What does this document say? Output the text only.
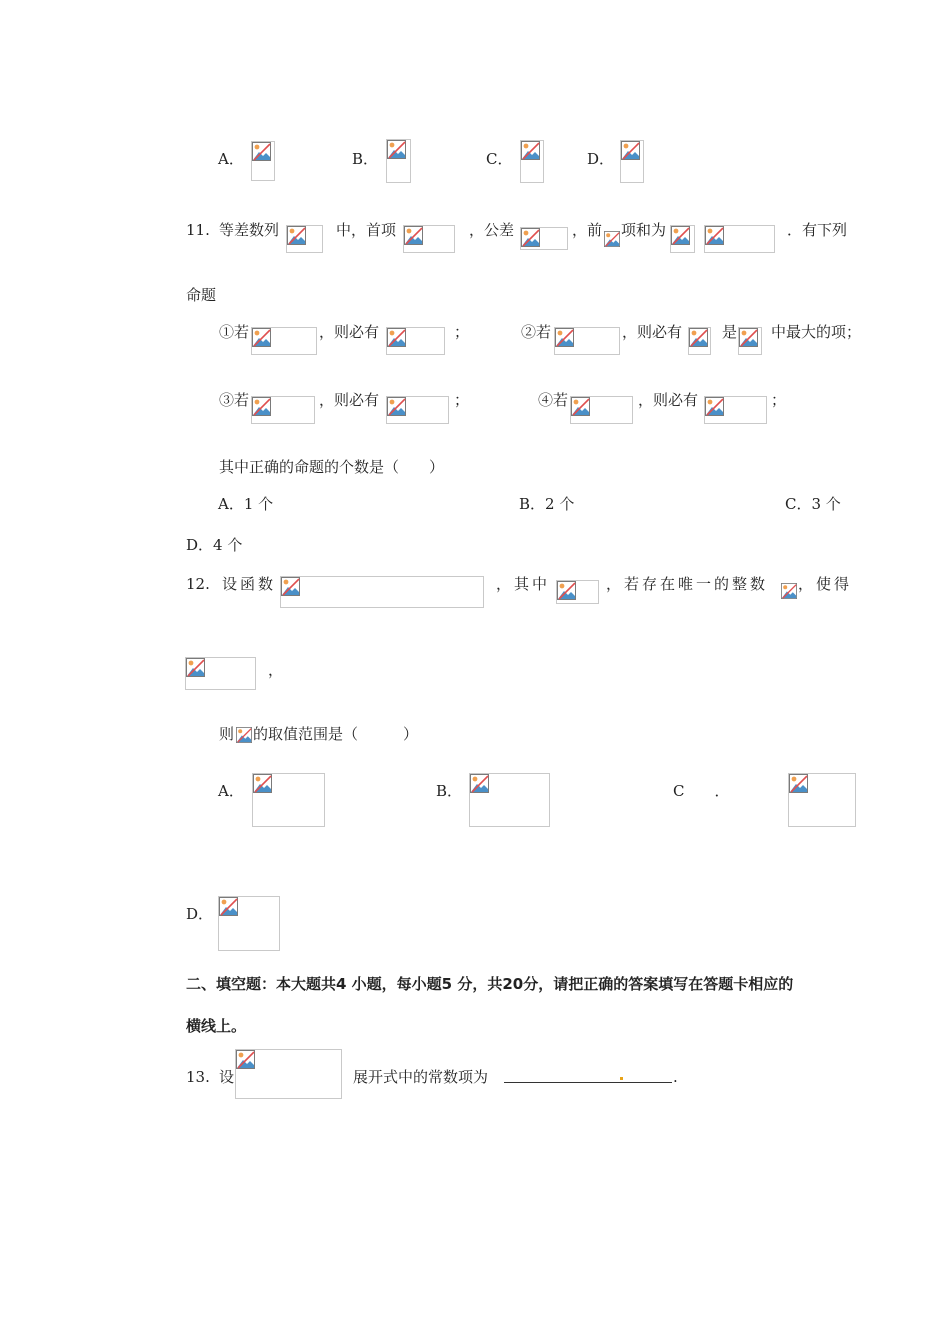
A．	B．	C．	D．
11. 等差数列	中，首项	，公差	，前 项和为	．有下列
命题
①若	，则必有	；	②若	，则必有	是 中最大的项；
③若	，则必有	；	④若	，则必有	；
其中正确的命题的个数是（　　）
A．1 个	B．2 个	C．3 个
D．4 个
12. 设函数	，其中	，若存在唯一的整数 ，使得
，
则 的取值范围是（　　　）
A．	B．	C　　．
D．
二、填空题：本大题共4 小题，每小题5 分，共20分，请把正确的答案填写在答题卡相应的
横线上。
13. 设	展开式中的常数项为	.
